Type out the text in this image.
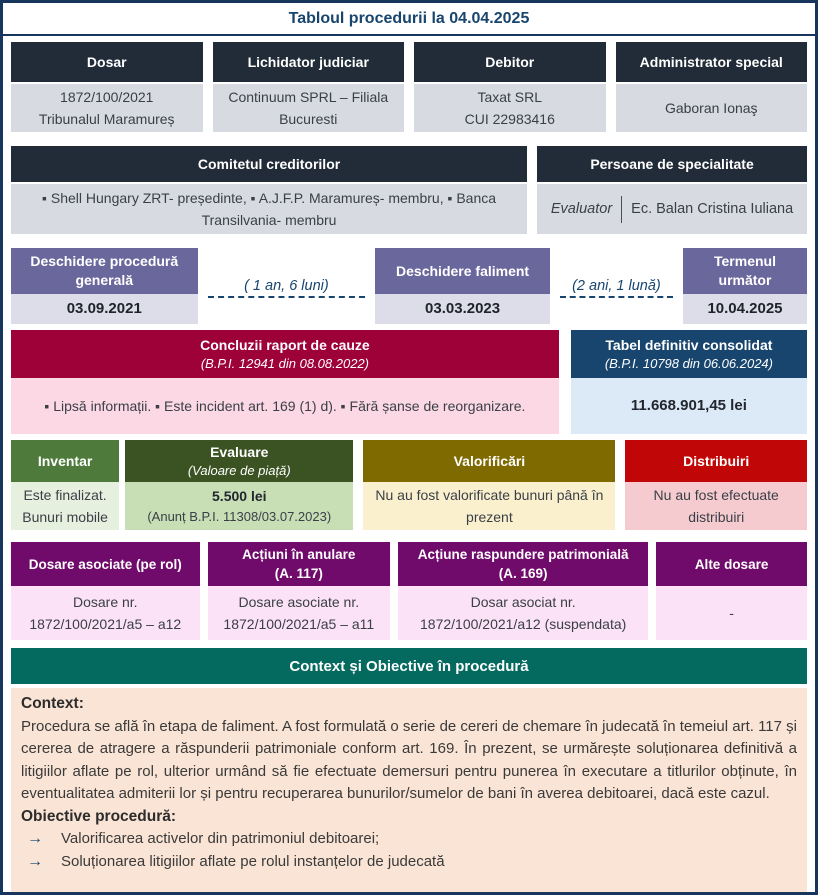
Tabloul procedurii la 04.04.2025
Dosar
1872/100/2021
Tribunalul Maramureș
Lichidator judiciar
Continuum SPRL – Filiala
Bucuresti
Debitor
Taxat SRL
CUI 22983416
Administrator special
Gaboran Ionaş
Comitetul creditorilor
▪ Shell Hungary ZRT- președinte, ▪ A.J.F.P. Maramureș- membru, ▪ Banca Transilvania- membru
Persoane de specialitate
Evaluator Ec. Balan Cristina Iuliana
Deschidere procedură generală
03.09.2021
( 1 an, 6 luni)
Deschidere faliment
03.03.2023
(2 ani, 1 lună)
Termenul următor
10.04.2025
Concluzii raport de cauze
(B.P.I. 12941 din 08.08.2022)
▪ Lipsă informații. ▪ Este incident art. 169 (1) d). ▪ Fără șanse de reorganizare.
Tabel definitiv consolidat
(B.P.I. 10798 din 06.06.2024)
11.668.901,45 lei
Inventar
Este finalizat. Bunuri mobile
Evaluare
(Valoare de piață)
5.500 lei
(Anunț B.P.I. 11308/03.07.2023)
Valorificări
Nu au fost valorificate bunuri până în prezent
Distribuiri
Nu au fost efectuate distribuiri
Dosare asociate (pe rol)
Dosare nr.
1872/100/2021/a5 – a12
Acțiuni în anulare
(A. 117)
Dosare asociate nr.
1872/100/2021/a5 – a11
Acțiune raspundere patrimonială
(A. 169)
Dosar asociat nr.
1872/100/2021/a12 (suspendata)
Alte dosare
-
Context și Obiective în procedură
Context:
Procedura se află în etapa de faliment. A fost formulată o serie de cereri de chemare în judecată în temeiul art. 117 și cererea de atragere a răspunderii patrimoniale conform art. 169. În prezent, se urmărește soluționarea definitivă a litigiilor aflate pe rol, ulterior urmând să fie efectuate demersuri pentru punerea în executare a titlurilor obținute, în eventualitatea admiterii lor și pentru recuperarea bunurilor/sumelor de bani în averea debitoarei, dacă este cazul.
Obiective procedură:
→	Valorificarea activelor din patrimoniul debitoarei;
→	Soluționarea litigiilor aflate pe rolul instanțelor de judecată
